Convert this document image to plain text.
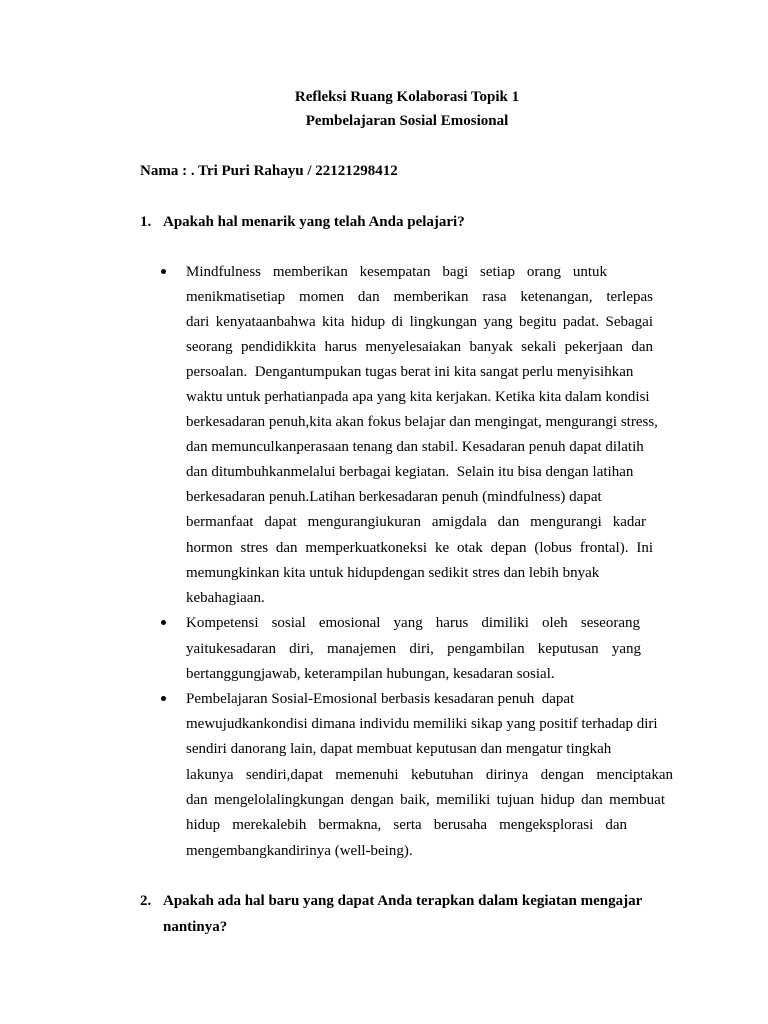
Refleksi Ruang Kolaborasi Topik 1
Pembelajaran Sosial Emosional
Nama : . Tri Puri Rahayu / 22121298412
1. Apakah hal menarik yang telah Anda pelajari?
Mindfulness memberikan kesempatan bagi setiap orang untuk
menikmatisetiap momen dan memberikan rasa ketenangan, terlepas
dari kenyataanbahwa kita hidup di lingkungan yang begitu padat. Sebagai
seorang pendidikkita harus menyelesaiakan banyak sekali pekerjaan dan
persoalan.  Dengantumpukan tugas berat ini kita sangat perlu menyisihkan
waktu untuk perhatianpada apa yang kita kerjakan. Ketika kita dalam kondisi
berkesadaran penuh,kita akan fokus belajar dan mengingat, mengurangi stress,
dan memunculkanperasaan tenang dan stabil. Kesadaran penuh dapat dilatih
dan ditumbuhkanmelalui berbagai kegiatan.  Selain itu bisa dengan latihan
berkesadaran penuh.Latihan berkesadaran penuh (mindfulness) dapat
bermanfaat dapat mengurangiukuran amigdala dan mengurangi kadar
hormon stres dan memperkuatkoneksi ke otak depan (lobus frontal). Ini
memungkinkan kita untuk hidupdengan sedikit stres dan lebih bnyak
kebahagiaan.
Kompetensi sosial emosional yang harus dimiliki oleh seseorang
yaitukesadaran diri, manajemen diri, pengambilan keputusan yang
bertanggungjawab, keterampilan hubungan, kesadaran sosial.
Pembelajaran Sosial-Emosional berbasis kesadaran penuh  dapat
mewujudkankondisi dimana individu memiliki sikap yang positif terhadap diri
sendiri danorang lain, dapat membuat keputusan dan mengatur tingkah
lakunya sendiri,dapat memenuhi kebutuhan dirinya dengan menciptakan
dan mengelolalingkungan dengan baik, memiliki tujuan hidup dan membuat
hidup merekalebih bermakna, serta berusaha mengeksplorasi dan
mengembangkandirinya (well-being).
2. Apakah ada hal baru yang dapat Anda terapkan dalam kegiatan mengajar
nantinya?
